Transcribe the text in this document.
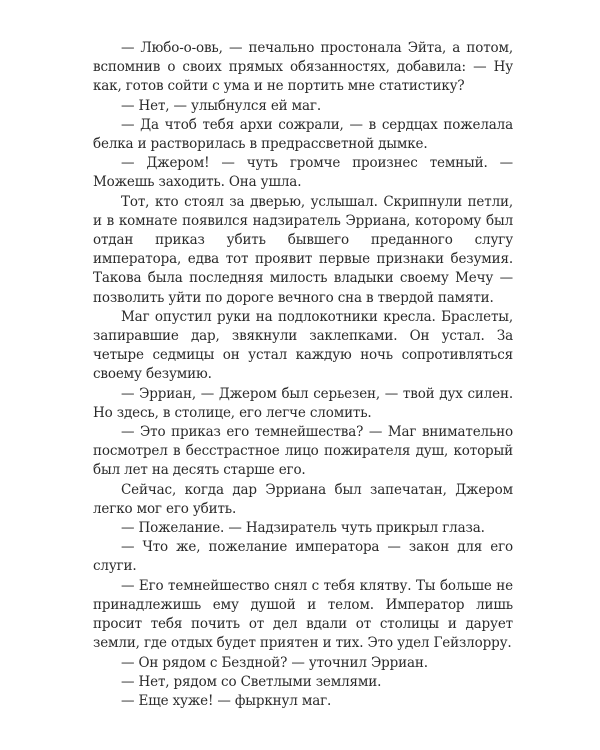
— Любо-о-овь, — печально простонала Эйта, а потом, вспомнив о своих прямых обязанностях, добавила: — Ну как, готов сойти с ума и не портить мне статистику?

— Нет, — улыбнулся ей маг.

— Да чтоб тебя архи сожрали, — в сердцах пожелала белка и растворилась в предрассветной дымке.

— Джером! — чуть громче произнес темный. — Можешь заходить. Она ушла.

Тот, кто стоял за дверью, услышал. Скрипнули петли, и в комнате появился надзиратель Эрриана, которому был отдан приказ убить бывшего преданного слугу императора, едва тот проявит первые признаки безумия. Такова была последняя милость владыки своему Мечу — позволить уйти по дороге вечного сна в твердой памяти.

Маг опустил руки на подлокотники кресла. Браслеты, запиравшие дар, звякнули заклепками. Он устал. За четыре седмицы он устал каждую ночь сопротивляться своему безумию.

— Эрриан, — Джером был серьезен, — твой дух силен. Но здесь, в столице, его легче сломить.

— Это приказ его темнейшества? — Маг внимательно посмотрел в бесстрастное лицо пожирателя душ, который был лет на десять старше его.

Сейчас, когда дар Эрриана был запечатан, Джером легко мог его убить.

— Пожелание. — Надзиратель чуть прикрыл глаза.

— Что же, пожелание императора — закон для его слуги.

— Его темнейшество снял с тебя клятву. Ты больше не принадлежишь ему душой и телом. Император лишь просит тебя почить от дел вдали от столицы и дарует земли, где отдых будет приятен и тих. Это удел Гейзлорру.

— Он рядом с Бездной? — уточнил Эрриан.

— Нет, рядом со Светлыми землями.

— Еще хуже! — фыркнул маг.
